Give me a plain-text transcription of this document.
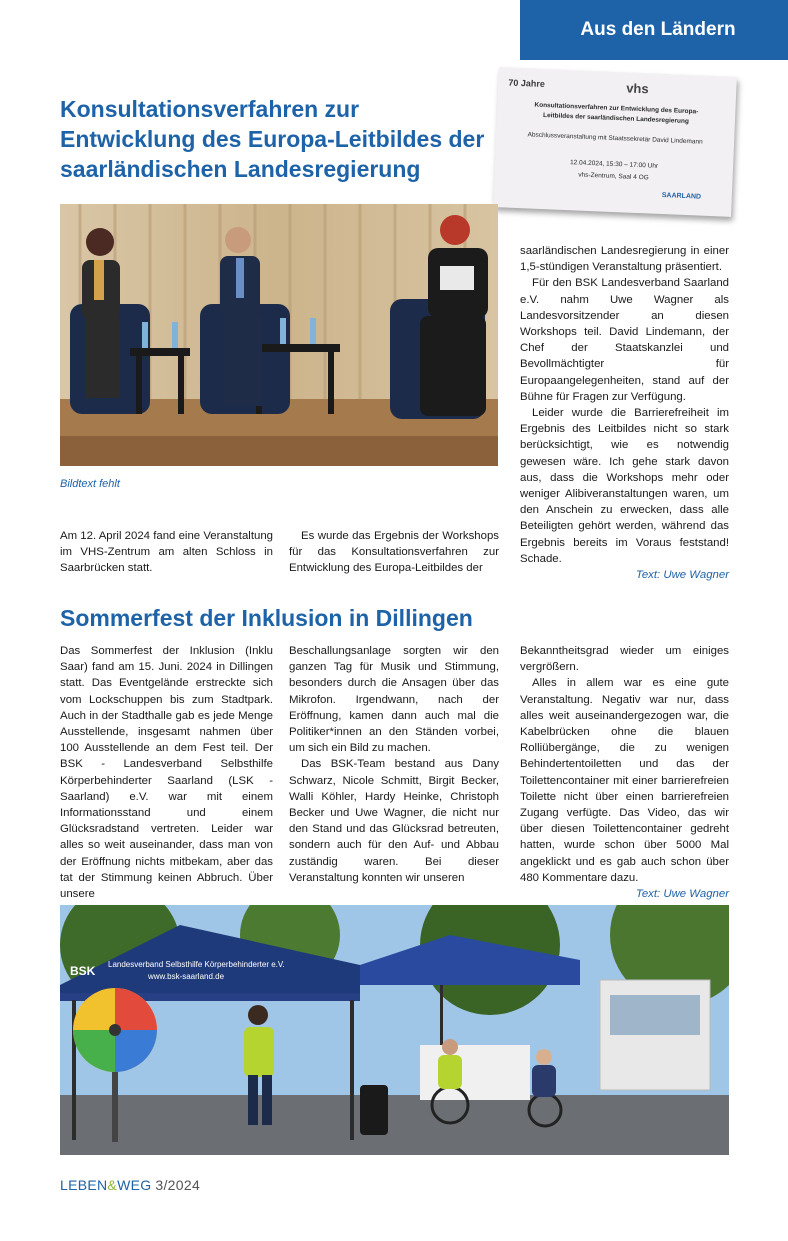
Aus den Ländern
Konsultationsverfahren zur Entwicklung des Europa-Leitbildes der saarländischen Landesregierung
70 Jahre	vhs
Konsultationsverfahren zur Entwicklung des Europa-
Leitbildes der saarländischen Landesregierung
Abschlussveranstaltung mit Staatssekretär David Lindemann
12.04.2024, 15:30 – 17:00 Uhr
vhs-Zentrum, Saal 4 OG
SAARLAND
Bildtext fehlt

Am 12. April 2024 fand eine Veranstaltung im VHS-Zentrum am alten Schloss in Saarbrücken statt.

Es wurde das Ergebnis der Workshops für das Konsultationsverfahren zur Entwicklung des Europa-Leitbildes der

saarländischen Landesregierung in einer 1,5-stündigen Veranstaltung präsentiert.

Für den BSK Landesverband Saarland e.V. nahm Uwe Wagner als Landesvorsitzender an diesen Workshops teil. David Lindemann, der Chef der Staatskanzlei und Bevollmächtigter für Europaangelegenheiten, stand auf der Bühne für Fragen zur Verfügung.

Leider wurde die Barrierefreiheit im Ergebnis des Leitbildes nicht so stark berücksichtigt, wie es notwendig gewesen wäre. Ich gehe stark davon aus, dass die Workshops mehr oder weniger Alibiveranstaltungen waren, um den Anschein zu erwecken, dass alle Beteiligten gehört werden, während das Ergebnis bereits im Voraus feststand! Schade.

Text: Uwe Wagner
Sommerfest der Inklusion in Dillingen

Das Sommerfest der Inklusion (Inklu Saar) fand am 15. Juni. 2024 in Dillingen statt. Das Eventgelände erstreckte sich vom Lockschuppen bis zum Stadtpark. Auch in der Stadthalle gab es jede Menge Ausstellende, insgesamt nahmen über 100 Ausstellende an dem Fest teil. Der BSK - Landesverband Selbsthilfe Körperbehinderter Saarland (LSK - Saarland) e.V. war mit einem Informationsstand und einem Glücksradstand vertreten. Leider war alles so weit auseinander, dass man von der Eröffnung nichts mitbekam, aber das tat der Stimmung keinen Abbruch. Über unsere

Beschallungsanlage sorgten wir den ganzen Tag für Musik und Stimmung, besonders durch die Ansagen über das Mikrofon. Irgendwann, nach der Eröffnung, kamen dann auch mal die Politiker*innen an den Ständen vorbei, um sich ein Bild zu machen.

Das BSK-Team bestand aus Dany Schwarz, Nicole Schmitt, Birgit Becker, Walli Köhler, Hardy Heinke, Christoph Becker und Uwe Wagner, die nicht nur den Stand und das Glücksrad betreuten, sondern auch für den Auf- und Abbau zuständig waren. Bei dieser Veranstaltung konnten wir unseren

Bekanntheitsgrad wieder um einiges vergrößern.

Alles in allem war es eine gute Veranstaltung. Negativ war nur, dass alles weit auseinandergezogen war, die Kabelbrücken ohne die blauen Rolliübergänge, die zu wenigen Behindertentoiletten und das der Toilettencontainer mit einer barrierefreien Toilette nicht über einen barrierefreien Zugang verfügte. Das Video, das wir über diesen Toilettencontainer gedreht hatten, wurde schon über 5000 Mal angeklickt und es gab auch schon über 480 Kommentare dazu.

Text: Uwe Wagner
BSK Landesverband Selbsthilfe Körperbehinderter e.V.
www.bsk-saarland.de
LEBEN&WEG 3/2024
